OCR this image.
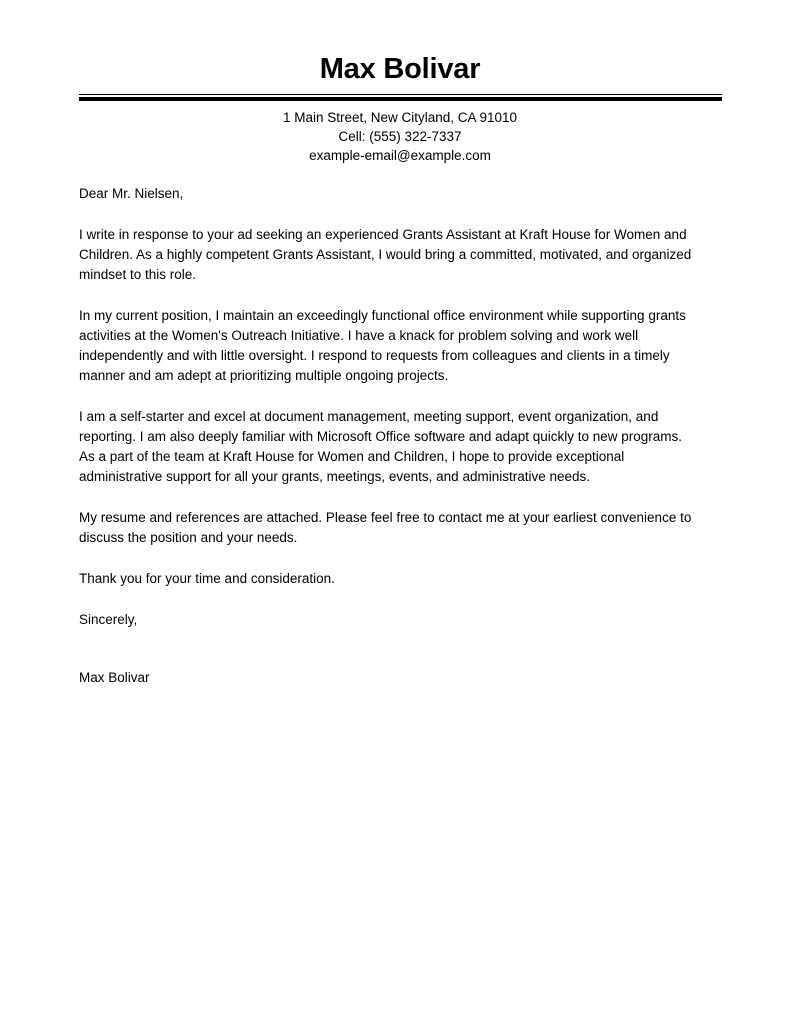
Max Bolivar
1 Main Street, New Cityland, CA 91010
Cell: (555) 322-7337
example-email@example.com

Dear Mr. Nielsen,

I write in response to your ad seeking an experienced Grants Assistant at Kraft House for Women and Children. As a highly competent Grants Assistant, I would bring a committed, motivated, and organized mindset to this role.

In my current position, I maintain an exceedingly functional office environment while supporting grants activities at the Women's Outreach Initiative. I have a knack for problem solving and work well independently and with little oversight. I respond to requests from colleagues and clients in a timely manner and am adept at prioritizing multiple ongoing projects.

I am a self-starter and excel at document management, meeting support, event organization, and reporting. I am also deeply familiar with Microsoft Office software and adapt quickly to new programs. As a part of the team at Kraft House for Women and Children, I hope to provide exceptional administrative support for all your grants, meetings, events, and administrative needs.

My resume and references are attached. Please feel free to contact me at your earliest convenience to discuss the position and your needs.

Thank you for your time and consideration.

Sincerely,

Max Bolivar
